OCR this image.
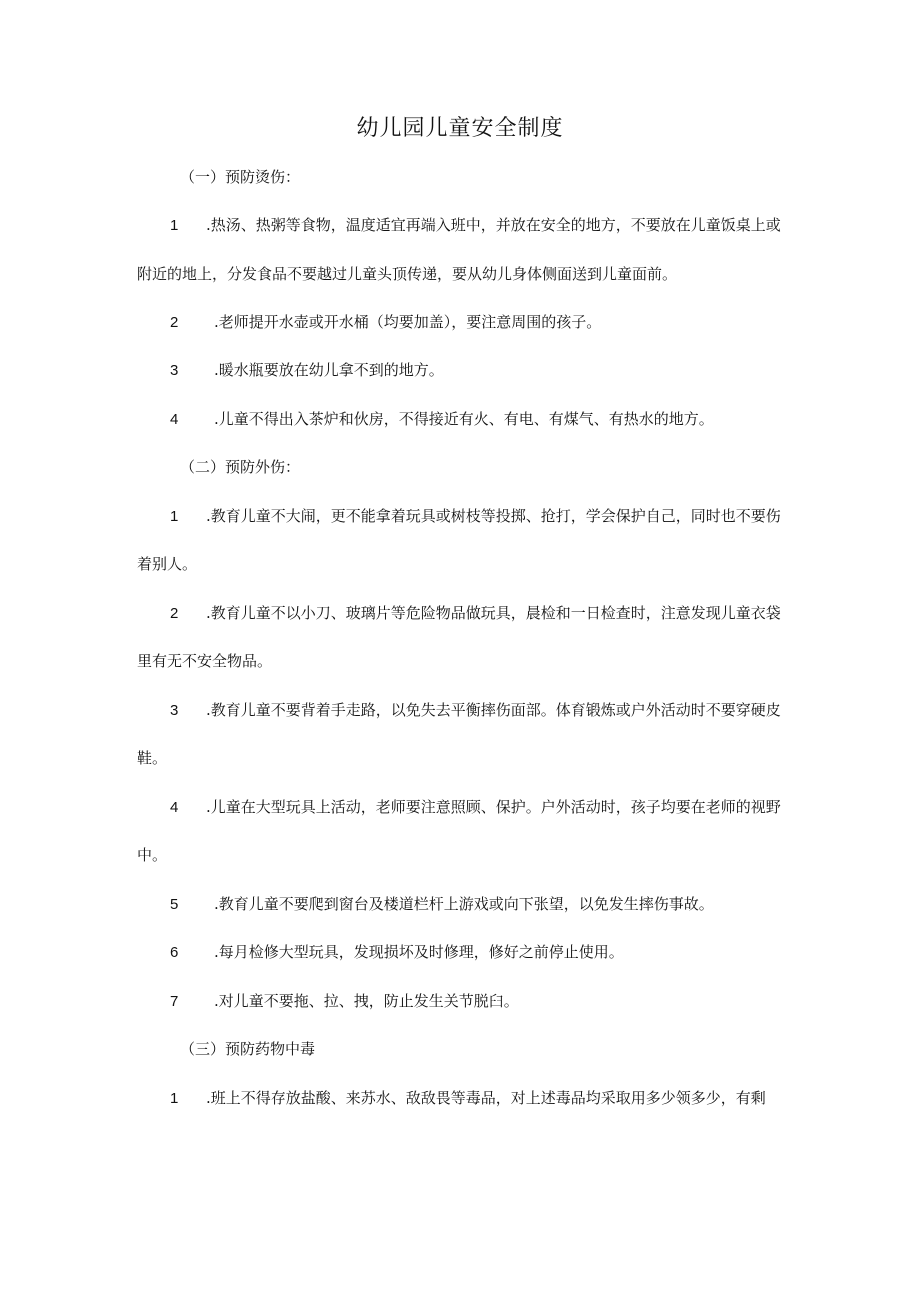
幼儿园儿童安全制度
（一）预防烫伤：
1 .热汤、热粥等食物，温度适宜再端入班中，并放在安全的地方，不要放在儿童饭桌上或
附近的地上，分发食品不要越过儿童头顶传递，要从幼儿身体侧面送到儿童面前。
2 .老师提开水壶或开水桶（均要加盖），要注意周围的孩子。
3 .暖水瓶要放在幼儿拿不到的地方。
4 .儿童不得出入茶炉和伙房，不得接近有火、有电、有煤气、有热水的地方。
（二）预防外伤：
1 .教育儿童不大闹，更不能拿着玩具或树枝等投掷、抢打，学会保护自己，同时也不要伤
着别人。
2 .教育儿童不以小刀、玻璃片等危险物品做玩具，晨检和一日检查时，注意发现儿童衣袋
里有无不安全物品。
3 .教育儿童不要背着手走路，以免失去平衡摔伤面部。体育锻炼或户外活动时不要穿硬皮
鞋。
4 .儿童在大型玩具上活动，老师要注意照顾、保护。户外活动时，孩子均要在老师的视野
中。
5 .教育儿童不要爬到窗台及楼道栏杆上游戏或向下张望，以免发生摔伤事故。
6 .每月检修大型玩具，发现损坏及时修理，修好之前停止使用。
7 .对儿童不要拖、拉、拽，防止发生关节脱臼。
（三）预防药物中毒
1 .班上不得存放盐酸、来苏水、敌敌畏等毒品，对上述毒品均采取用多少领多少，有剩
